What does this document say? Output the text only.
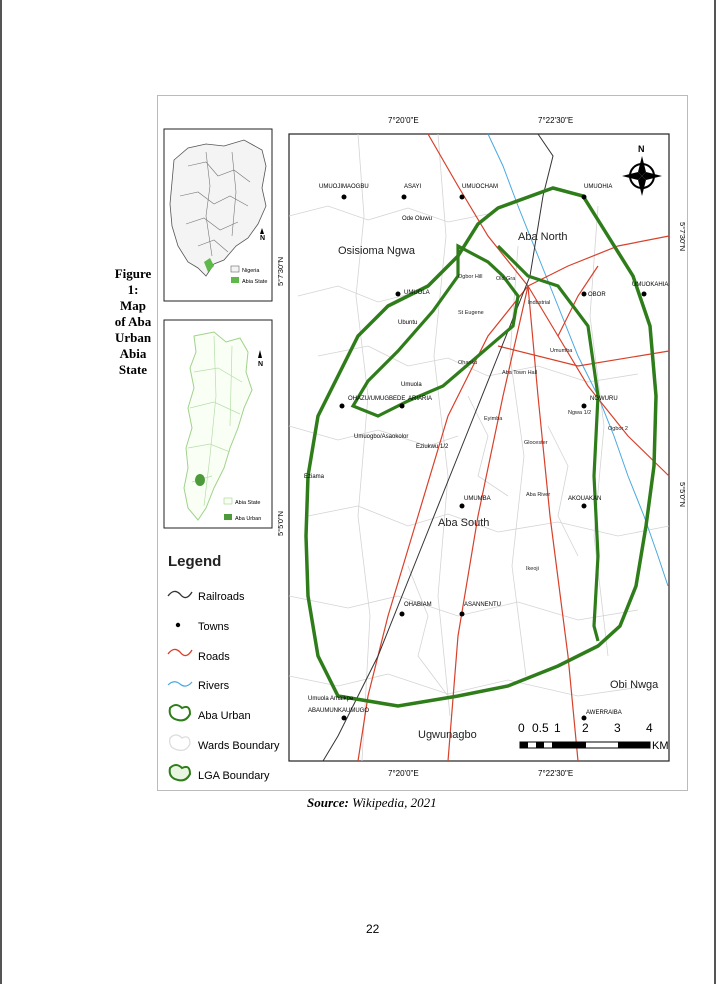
Figure
1:
Map
of Aba
Urban
Abia
State
N
Nigeria
Abia State
N
Abia State
Aba Urban
Legend
Railroads
Towns
Roads
Rivers
Aba Urban
Wards Boundary
LGA Boundary
7°20'0"E	7°22'30"E
7°20'0"E	7°22'30"E
5°7'30"N
5°5'0"N
5°7'30"N
5°5'0"N
N
Osisioma Ngwa
Aba North
Aba South
Obi Nwga
Ugwunagbo
UMUOJIMAOGBU	ASAYI	UMUOCHAM	UMUOHIA
Ode Oluwu
UMUOLA
Ubuntu
OBOR
UMUOKAHIA
ARIARIA
OHAZU/UMUGBEDE	NGWURU
UMUMBA	AKOUAKAN
OHABIAM	ASANNENTU
AWERRAIBA
ABAUMUNKAUMUGO
Umuola
Eziukwu 1/2
Umuogbo/Asaokolor
Eziama
Umuola Amaikpe
Industrial
Eyimba
Glocester
Aba River
Ikeoji
Aba Town Hall
Ohanku
Ngwa 1/2
Ogbor 2
Umumba
Ogbor Hill
St Eugene
Old Gra
0 0.5 1 2 3 4
KM
Source: Wikipedia, 2021
22
